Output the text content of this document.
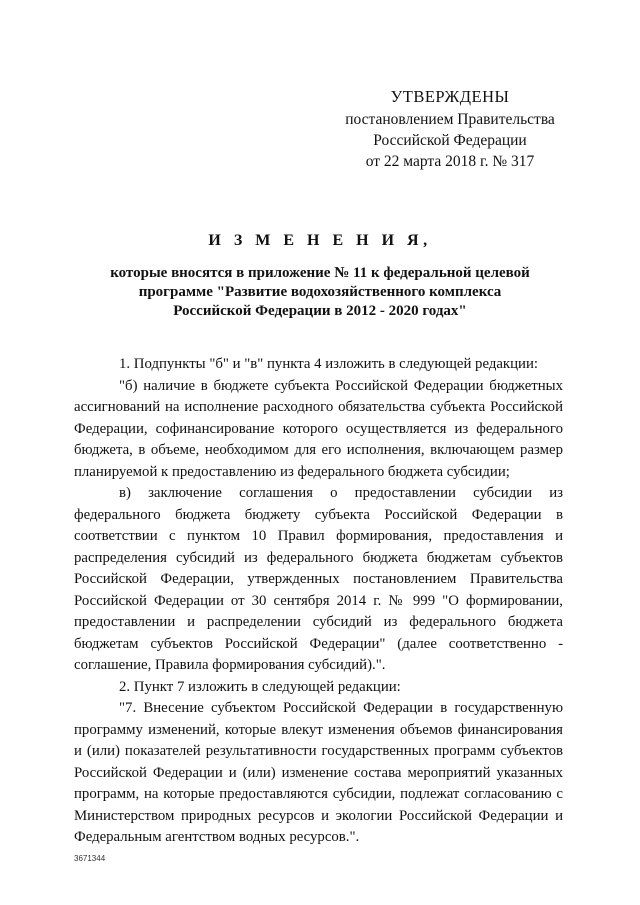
УТВЕРЖДЕНЫ
постановлением Правительства
Российской Федерации
от 22 марта 2018 г. № 317
И З М Е Н Е Н И Я,
которые вносятся в приложение № 11 к федеральной целевой
программе "Развитие водохозяйственного комплекса
Российской Федерации в 2012 - 2020 годах"

1. Подпункты "б" и "в" пункта 4 изложить в следующей редакции:

"б) наличие в бюджете субъекта Российской Федерации бюджетных ассигнований на исполнение расходного обязательства субъекта Российской Федерации, софинансирование которого осуществляется из федерального бюджета, в объеме, необходимом для его исполнения, включающем размер планируемой к предоставлению из федерального бюджета субсидии;

в) заключение соглашения о предоставлении субсидии из федерального бюджета бюджету субъекта Российской Федерации в соответствии с пунктом 10 Правил формирования, предоставления и распределения субсидий из федерального бюджета бюджетам субъектов Российской Федерации, утвержденных постановлением Правительства Российской Федерации от 30 сентября 2014 г. № 999 "О формировании, предоставлении и распределении субсидий из федерального бюджета бюджетам субъектов Российской Федерации" (далее соответственно - соглашение, Правила формирования субсидий).".

2. Пункт 7 изложить в следующей редакции:

"7. Внесение субъектом Российской Федерации в государственную программу изменений, которые влекут изменения объемов финансирования и (или) показателей результативности государственных программ субъектов Российской Федерации и (или) изменение состава мероприятий указанных программ, на которые предоставляются субсидии, подлежат согласованию с Министерством природных ресурсов и экологии Российской Федерации и Федеральным агентством водных ресурсов.".

3671344
